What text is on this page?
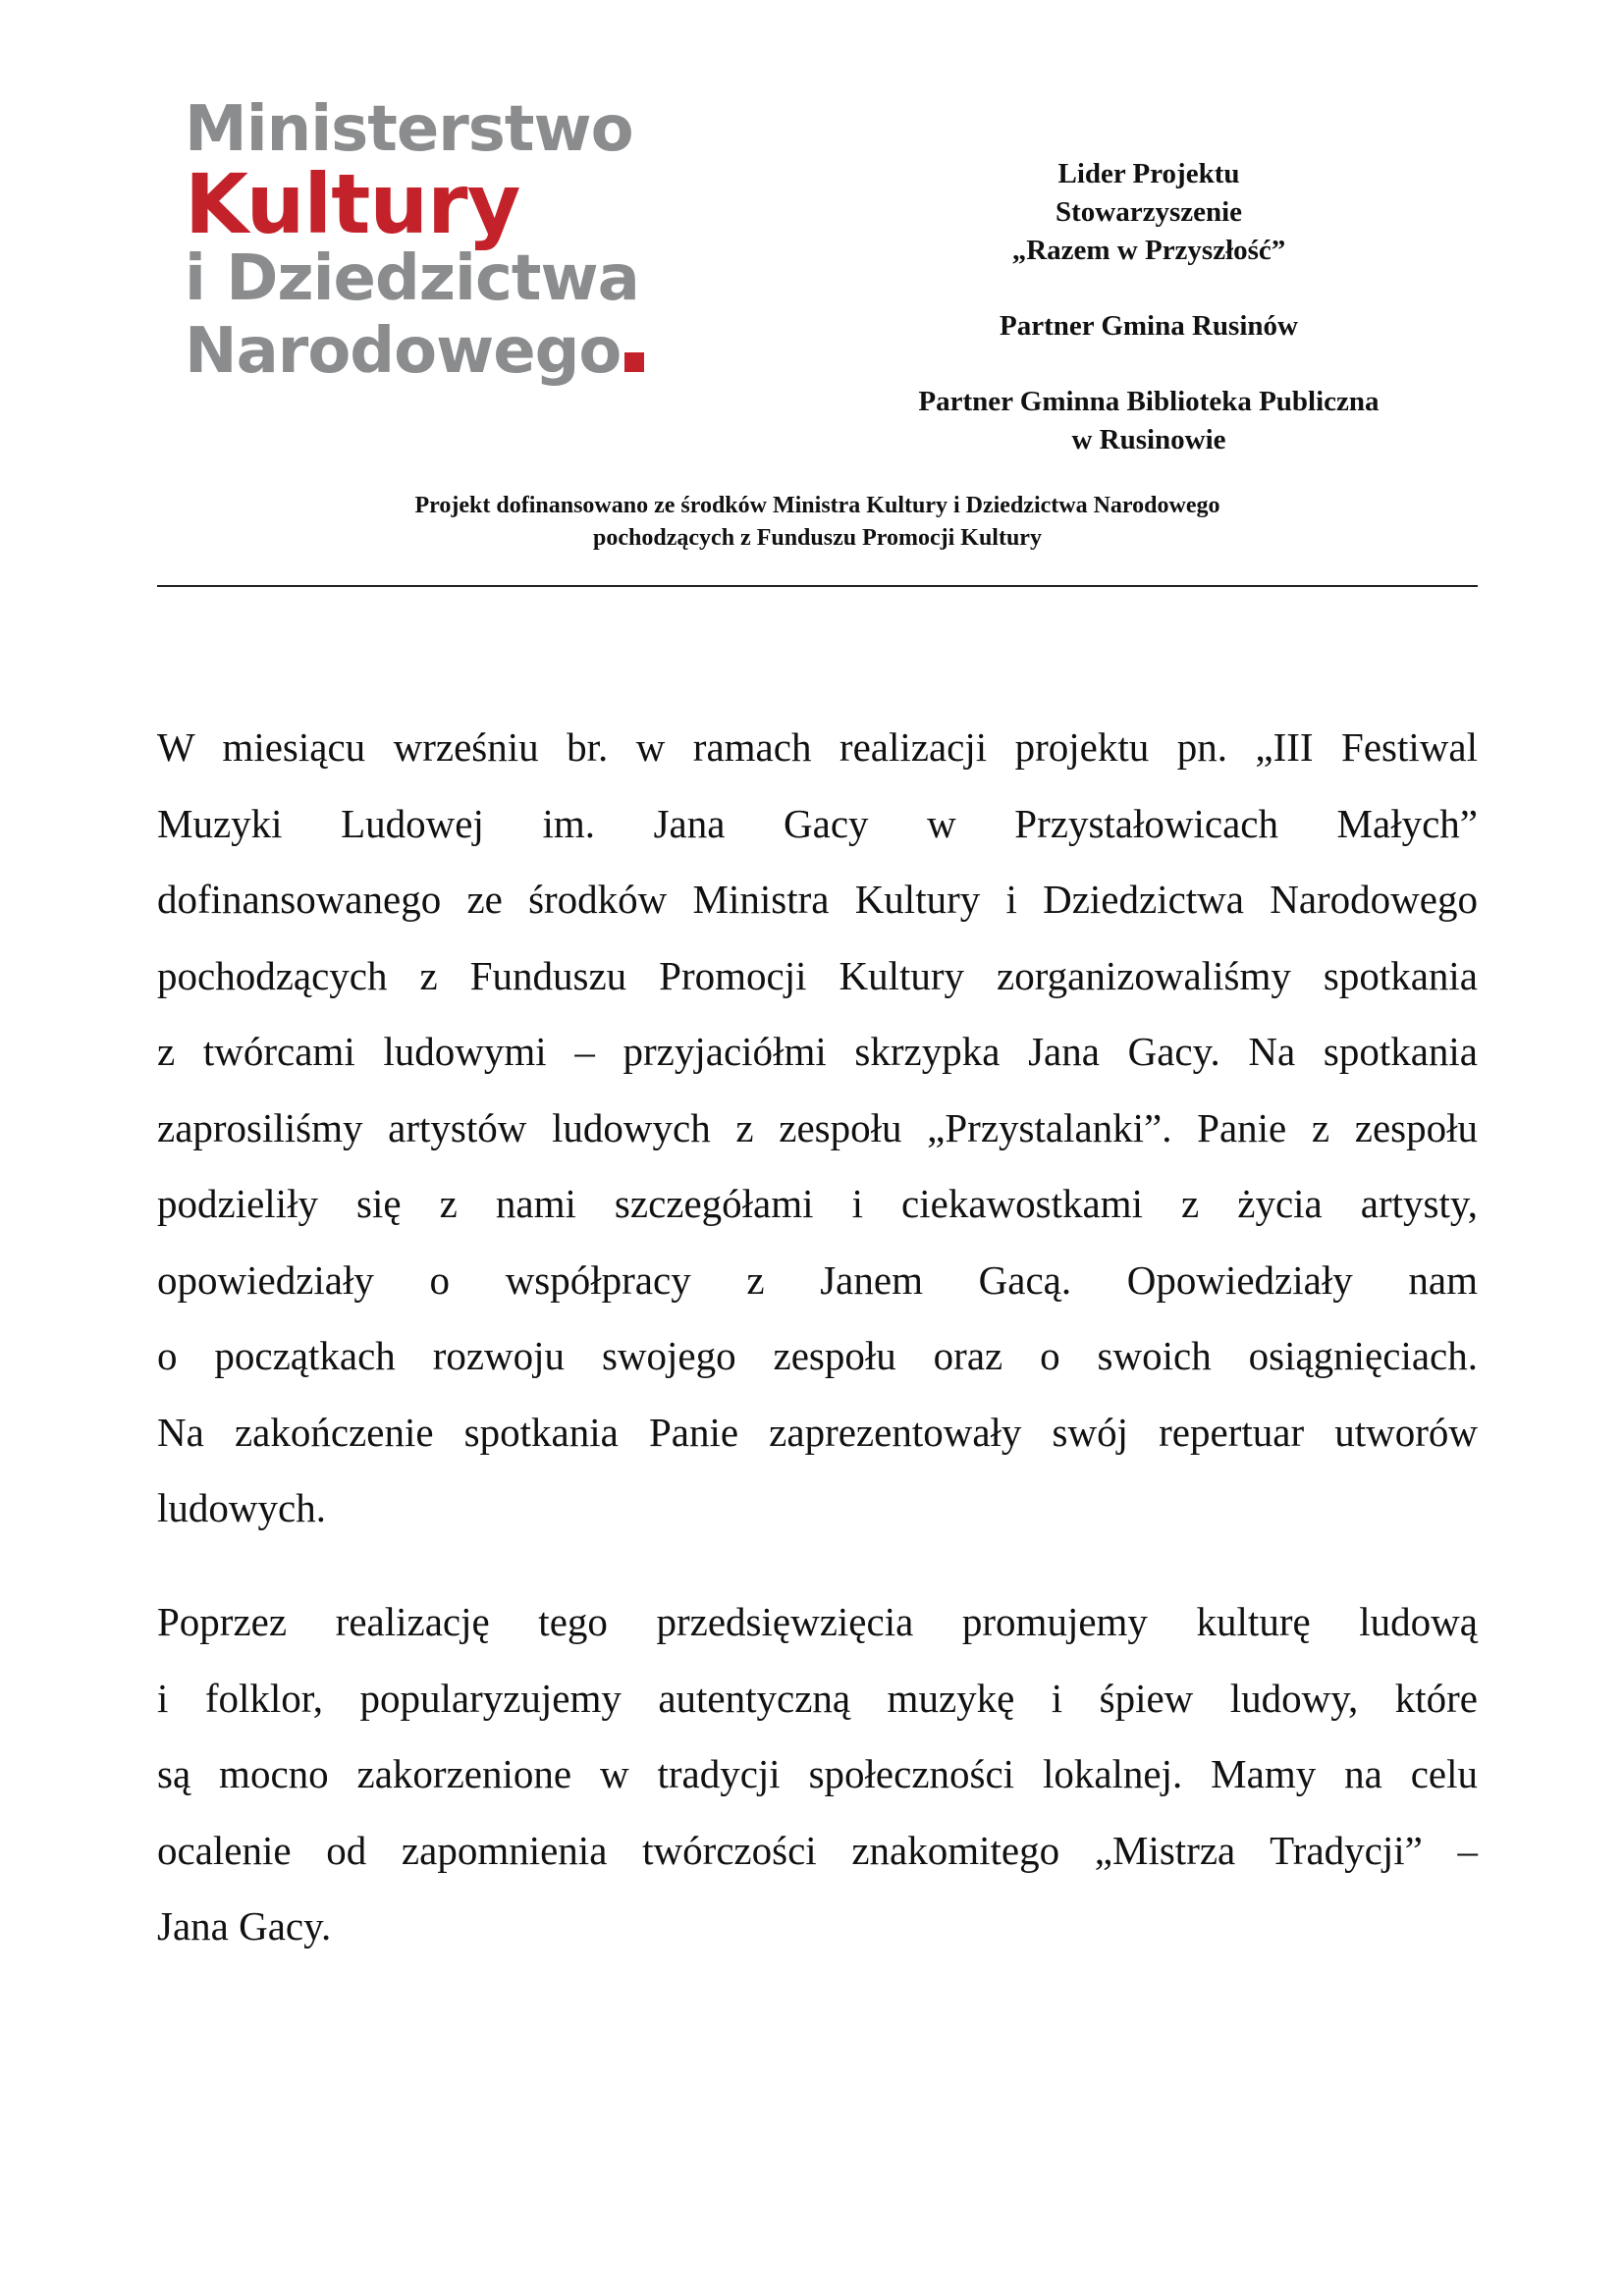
Ministerstwo
Kultury
i Dziedzictwa
Narodowego
Lider Projektu
Stowarzyszenie
„Razem w Przyszłość”
Partner Gmina Rusinów
Partner Gminna Biblioteka Publiczna
w Rusinowie
Projekt dofinansowano ze środków Ministra Kultury i Dziedzictwa Narodowego
pochodzących z Funduszu Promocji Kultury
W miesiącu wrześniu br. w ramach realizacji projektu pn. „III Festiwal
Muzyki Ludowej im. Jana Gacy w Przystałowicach Małych”
dofinansowanego ze środków Ministra Kultury i Dziedzictwa Narodowego
pochodzących z Funduszu Promocji Kultury zorganizowaliśmy spotkania
z twórcami ludowymi – przyjaciółmi skrzypka Jana Gacy. Na spotkania
zaprosiliśmy artystów ludowych z zespołu „Przystalanki”. Panie z zespołu
podzieliły się z nami szczegółami i ciekawostkami z życia artysty,
opowiedziały o współpracy z Janem Gacą. Opowiedziały nam
o początkach rozwoju swojego zespołu oraz o swoich osiągnięciach.
Na zakończenie spotkania Panie zaprezentowały swój repertuar utworów
ludowych.
Poprzez realizację tego przedsięwzięcia promujemy kulturę ludową
i folklor, popularyzujemy autentyczną muzykę i śpiew ludowy, które
są mocno zakorzenione w tradycji społeczności lokalnej. Mamy na celu
ocalenie od zapomnienia twórczości znakomitego „Mistrza Tradycji” –
Jana Gacy.
